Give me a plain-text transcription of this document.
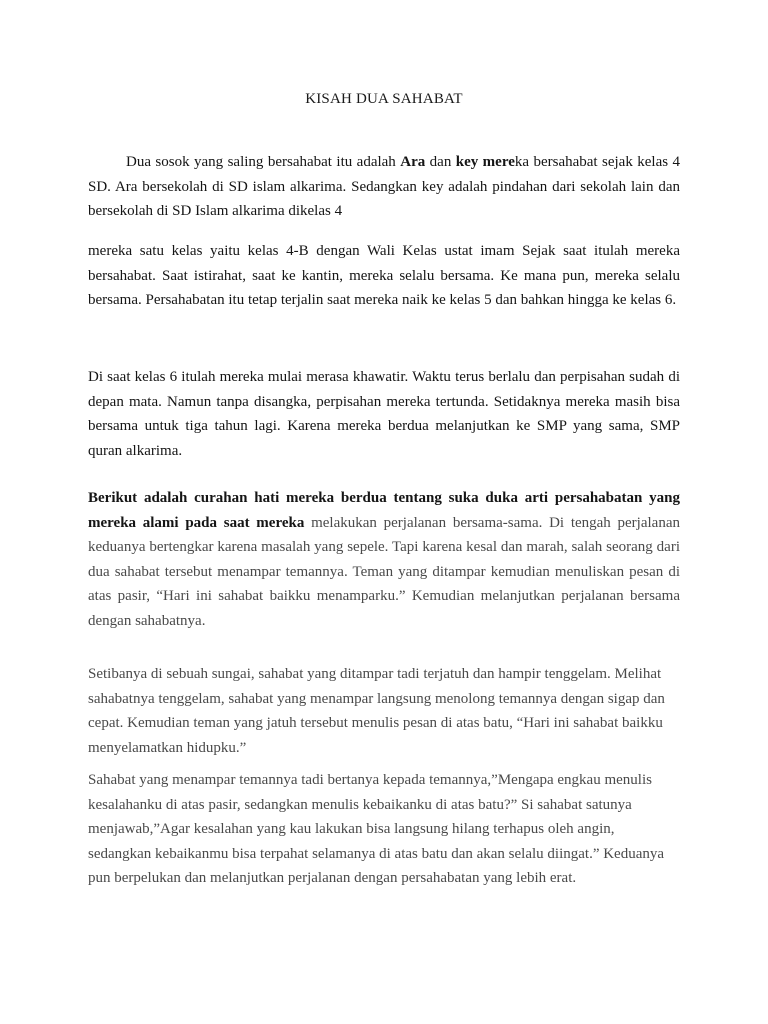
KISAH DUA SAHABAT

Dua sosok yang saling bersahabat itu adalah Ara dan key mereka bersahabat sejak kelas 4 SD. Ara bersekolah di SD islam alkarima. Sedangkan key adalah pindahan dari sekolah lain dan bersekolah di SD Islam alkarima dikelas 4

mereka satu kelas yaitu kelas 4-B dengan Wali Kelas ustat imam Sejak saat itulah mereka bersahabat. Saat istirahat, saat ke kantin, mereka selalu bersama. Ke mana pun, mereka selalu bersama. Persahabatan itu tetap terjalin saat mereka naik ke kelas 5 dan bahkan hingga ke kelas 6.

Di saat kelas 6 itulah mereka mulai merasa khawatir. Waktu terus berlalu dan perpisahan sudah di depan mata. Namun tanpa disangka, perpisahan mereka tertunda. Setidaknya mereka masih bisa bersama untuk tiga tahun lagi. Karena mereka berdua melanjutkan ke SMP yang sama, SMP quran alkarima.

Berikut adalah curahan hati mereka berdua tentang suka duka arti persahabatan yang mereka alami pada saat mereka melakukan perjalanan bersama-sama. Di tengah perjalanan keduanya bertengkar karena masalah yang sepele. Tapi karena kesal dan marah, salah seorang dari dua sahabat tersebut menampar temannya. Teman yang ditampar kemudian menuliskan pesan di atas pasir, “Hari ini sahabat baikku menamparku.” Kemudian melanjutkan perjalanan bersama dengan sahabatnya.

Setibanya di sebuah sungai, sahabat yang ditampar tadi terjatuh dan hampir tenggelam. Melihat sahabatnya tenggelam, sahabat yang menampar langsung menolong temannya dengan sigap dan cepat. Kemudian teman yang jatuh tersebut menulis pesan di atas batu, “Hari ini sahabat baikku menyelamatkan hidupku.”

Sahabat yang menampar temannya tadi bertanya kepada temannya,”Mengapa engkau menulis kesalahanku di atas pasir, sedangkan menulis kebaikanku di atas batu?” Si sahabat satunya menjawab,”Agar kesalahan yang kau lakukan bisa langsung hilang terhapus oleh angin, sedangkan kebaikanmu bisa terpahat selamanya di atas batu dan akan selalu diingat.” Keduanya pun berpelukan dan melanjutkan perjalanan dengan persahabatan yang lebih erat.
